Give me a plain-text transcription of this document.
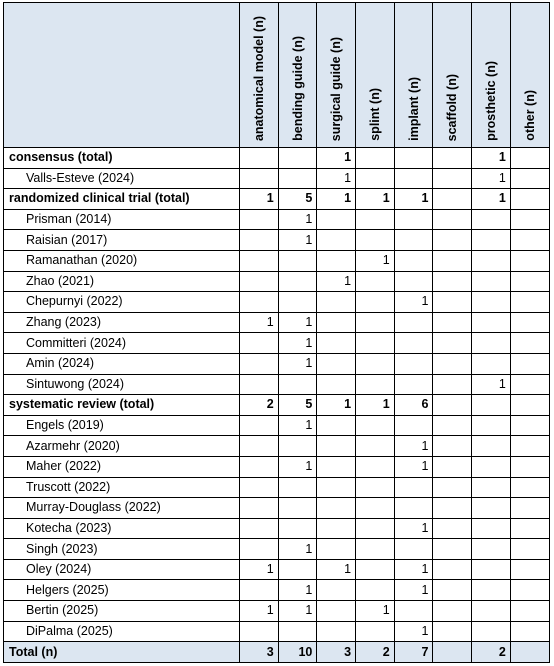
	anatomical model (n)	bending guide (n)	surgical guide (n)	splint (n)	implant (n)	scaffold (n)	prosthetic (n)	other (n)

consensus (total)			1				1	
Valls-Esteve (2024)			1				1	
randomized clinical trial (total)	1	5	1	1	1		1	
Prisman (2014)		1						
Raisian (2017)		1						
Ramanathan (2020)				1				
Zhao (2021)			1					
Chepurnyi (2022)					1			
Zhang (2023)	1	1						
Committeri (2024)		1						
Amin (2024)		1						
Sintuwong (2024)							1	
systematic review (total)	2	5	1	1	6			
Engels (2019)		1						
Azarmehr (2020)					1			
Maher (2022)		1			1			
Truscott (2022)								
Murray-Douglass (2022)								
Kotecha (2023)					1			
Singh (2023)		1						
Oley (2024)	1		1		1			
Helgers (2025)		1			1			
Bertin (2025)	1	1		1				
DiPalma (2025)					1			
Total (n)	3	10	3	2	7		2	
